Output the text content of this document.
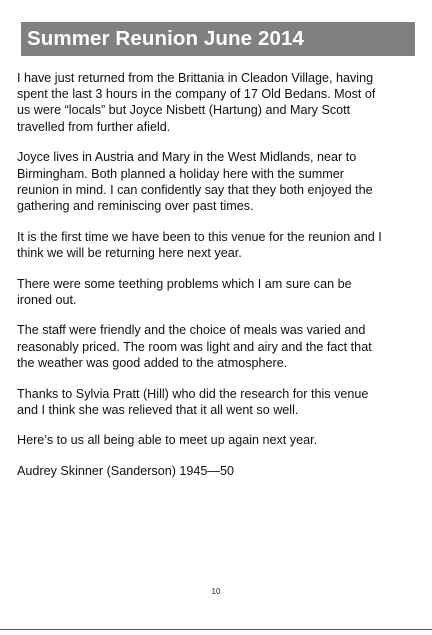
Summer Reunion June 2014

I have just returned from the Brittania in Cleadon Village, having
spent the last 3 hours in the company of 17 Old Bedans. Most of
us were “locals” but Joyce Nisbett (Hartung) and Mary Scott
travelled from further afield.

Joyce lives in Austria and Mary in the West Midlands, near to
Birmingham. Both planned a holiday here with the summer
reunion in mind. I can confidently say that they both enjoyed the
gathering and reminiscing over past times.

It is the first time we have been to this venue for the reunion and I
think we will be returning here next year.

There were some teething problems which I am sure can be
ironed out.

The staff were friendly and the choice of meals was varied and
reasonably priced. The room was light and airy and the fact that
the weather was good added to the atmosphere.

Thanks to Sylvia Pratt (Hill) who did the research for this venue
and I think she was relieved that it all went so well.

Here’s to us all being able to meet up again next year.

Audrey Skinner (Sanderson) 1945—50

10
